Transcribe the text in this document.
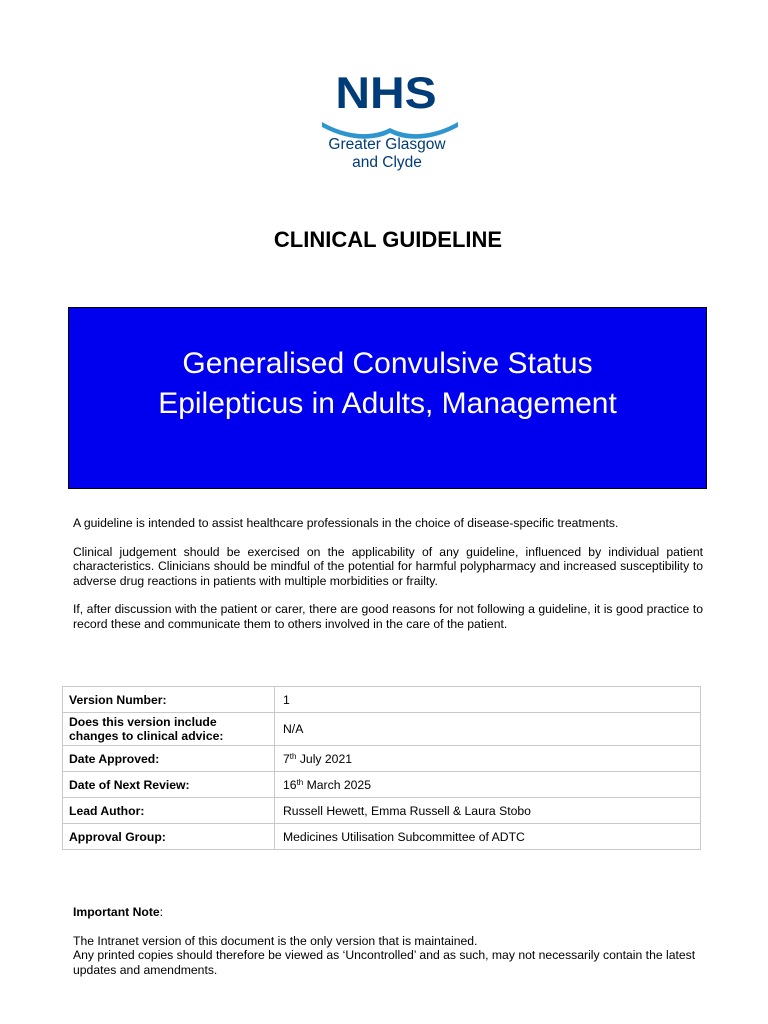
NHS
Greater Glasgow
and Clyde
CLINICAL GUIDELINE
Generalised Convulsive Status
Epilepticus in Adults, Management

A guideline is intended to assist healthcare professionals in the choice of disease-specific treatments.

Clinical judgement should be exercised on the applicability of any guideline, influenced by individual patient characteristics. Clinicians should be mindful of the potential for harmful polypharmacy and increased susceptibility to adverse drug reactions in patients with multiple morbidities or frailty.

If, after discussion with the patient or carer, there are good reasons for not following a guideline, it is good practice to record these and communicate them to others involved in the care of the patient.

Version Number:	1
Does this version include changes to clinical advice:	N/A
Date Approved:	7th July 2021
Date of Next Review:	16th March 2025
Lead Author:	Russell Hewett, Emma Russell & Laura Stobo
Approval Group:	Medicines Utilisation Subcommittee of ADTC

Important Note:

The Intranet version of this document is the only version that is maintained.

Any printed copies should therefore be viewed as ‘Uncontrolled’ and as such, may not necessarily contain the latest updates and amendments.
